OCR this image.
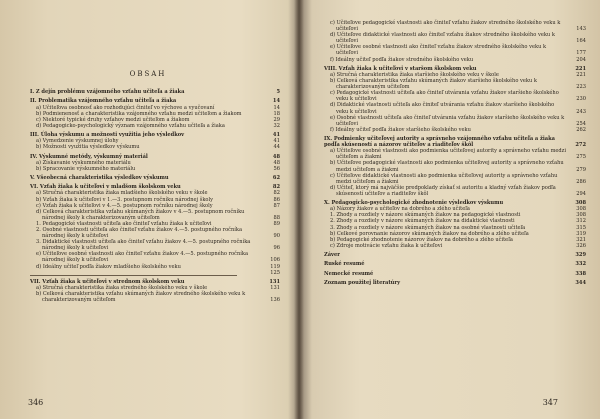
OBSAH
I. Z dejín problému vzájomného vzťahu učiteľa a žiaka	5
II. Problematika vzájomného vzťahu učiteľa a žiaka	14
a) Učiteľova osobnosť ako rozhodujúci činiteľ vo výchove a vyučovaní	14
b) Podmienenosť a charakteristika vzájomného vzťahu medzi učiteľom a žiakom	18
c) Niektoré typické druhy vzťahov medzi učiteľom a žiakom	29
d) Pedagogicko-psychologický význam vzájomného vzťahu učiteľa a žiaka	32
III. Úloha výskumu a možnosti využitia jeho výsledkov	41
a) Vymedzenie výskumnej úlohy	41
b) Možnosti využitia výsledkov výskumu	44
IV. Výskumné metódy, výskumný materiál	48
a) Získavanie výskumného materiálu	48
b) Spracovanie výskumného materiálu	56
V. Všeobecná charakteristika výsledkov výskumu	62
VI. Vzťah žiaka k učiteľovi v mladšom školskom veku	82
a) Stručná charakteristika žiaka mladšieho školského veku v škole	82
b) Vzťah žiaka k učiteľovi v 1.—3. postupnom ročníku národnej školy	86
c) Vzťah žiaka k učiteľovi v 4.—5. postupnom ročníku národnej školy	87
d) Celková charakteristika vzťahu skúmaných žiakov v 4.—5. postupnom ročníku národnej školy k charakterizovaným učiteľom	88
1. Pedagogické vlastnosti učiteľa ako činiteľ vzťahu žiaka k učiteľovi	89
2. Osobné vlastnosti učiteľa ako činiteľ vzťahu žiakov 4.—5. postupného ročníka národnej školy k učiteľovi	90
3. Didaktické vlastnosti učiteľa ako činiteľ vzťahu žiakov 4.—5. postupného ročníka národnej školy k učiteľovi	96
e) Učiteľove osobné vlastnosti ako činiteľ vzťahu žiakov 4.—5. postupného ročníka národnej školy k učiteľovi	106
d) Ideálny učiteľ podľa žiakov mladšieho školského veku	119
125
VII. Vzťah žiaka k učiteľovi v strednom školskom veku	131
a) Stručná charakteristika žiaka stredného školského veku v škole	131
b) Celková charakteristika vzťahu skúmaných žiakov stredného školského veku k charakterizovaným učiteľom	136
346
c) Učiteľove pedagogické vlastnosti ako činiteľ vzťahu žiakov stredného školského veku k učiteľovi	143
d) Učiteľove didaktické vlastnosti ako činiteľ vzťahu žiakov stredného školského veku k učiteľovi	164
e) Učiteľove osobné vlastnosti ako činiteľ vzťahu žiakov stredného školského veku k učiteľovi	177
f) Ideálny učiteľ podľa žiakov stredného školského veku	204
VIII. Vzťah žiaka k učiteľovi v staršom školskom veku	221
a) Stručná charakteristika žiaka staršieho školského veku v škole	221
b) Celková charakteristika vzťahu skúmaných žiakov staršieho školského veku k charakterizovaným učiteľom	223
c) Pedagogické vlastnosti učiteľa ako činiteľ utvárania vzťahu žiakov staršieho školského veku k učiteľovi	230
d) Didaktické vlastnosti učiteľa ako činiteľ utvárania vzťahu žiakov staršieho školského veku k učiteľovi	243
e) Osobné vlastnosti učiteľa ako činiteľ utvárania vzťahu žiakov staršieho školského veku k učiteľovi	254
f) Ideálny učiteľ podľa žiakov staršieho školského veku	262
IX. Podmienky učiteľovej autority a správneho vzájomného vzťahu učiteľa a žiaka podľa skúseností a názorov učiteľov a riaditeľov škôl	272
a) Učiteľove osobné vlastnosti ako podmienka učiteľovej autority a správneho vzťahu medzi učiteľom a žiakmi	275
b) Učiteľove pedagogické vlastnosti ako podmienka učiteľovej autority a správneho vzťahu medzi učiteľom a žiakmi	279
c) Učiteľove didaktické vlastnosti ako podmienka učiteľovej autority a správneho vzťahu medzi učiteľom a žiakmi	286
d) Učiteľ, ktorý má najväčšie predpoklady získať si autoritu a kladný vzťah žiakov podľa skúseností učiteľov a riaditeľov škôl	294
X. Pedagogicko-psychologické zhodnotenie výsledkov výskumu	308
a) Názory žiakov a učiteľov na dobrého a zlého učiteľa	308
1. Zhody a rozdiely v názore skúmaných žiakov na pedagogické vlastnosti	308
2. Zhody a rozdiely v názore skúmaných žiakov na didaktické vlastnosti	312
3. Zhody a rozdiely v názore skúmaných žiakov na osobné vlastnosti učiteľa	315
b) Celkové porovnanie názorov skúmaných žiakov na dobrého a zlého učiteľa	319
b) Pedagogické zhodnotenie názorov žiakov na dobrého a zlého učiteľa	321
c) Zdroje motivácie vzťahu žiaka k učiteľovi	326
Záver	329
Ruské resumé	332
Nemecké resumé	338
Zoznam použitej literatúry	344
347
